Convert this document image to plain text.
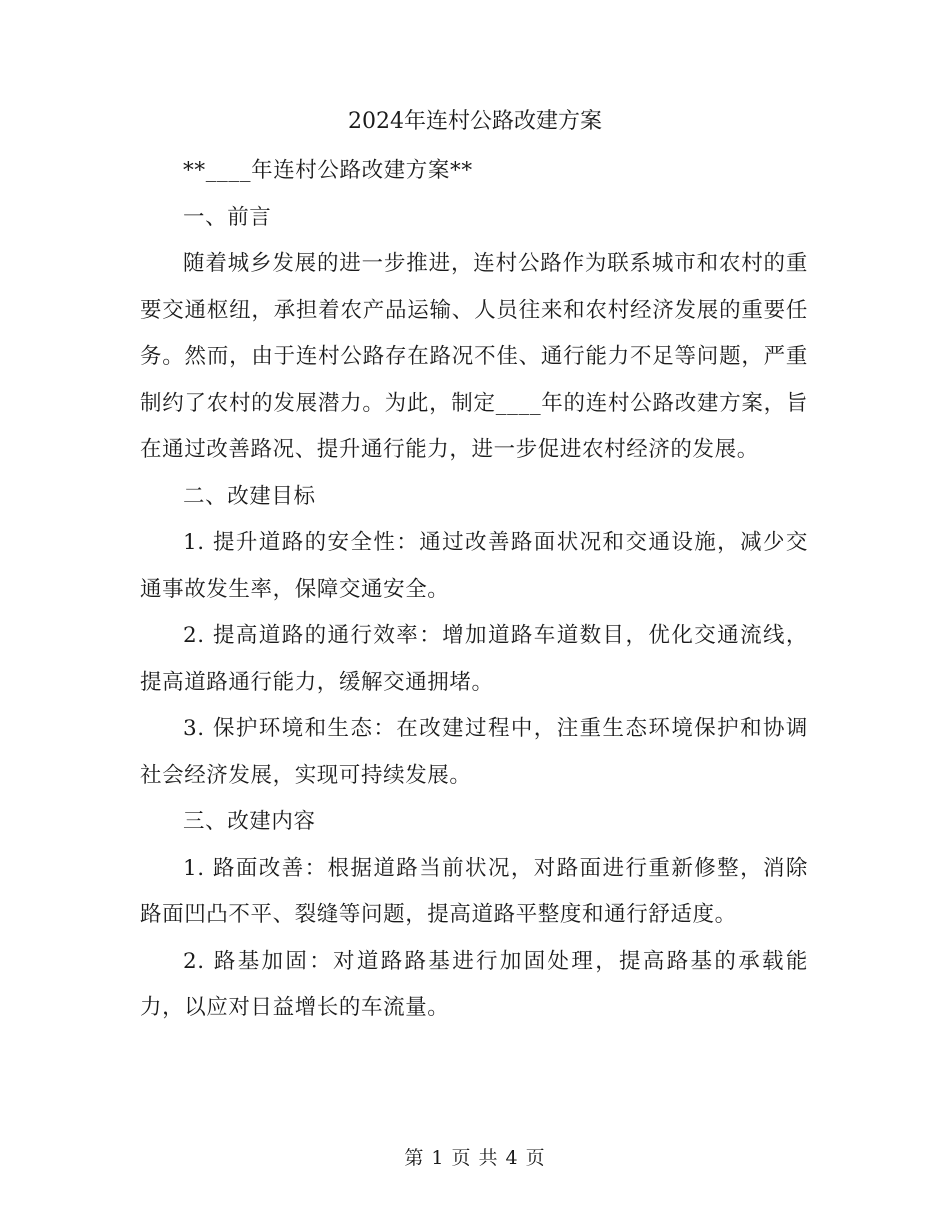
2024年连村公路改建方案

**____年连村公路改建方案**

一、前言

随着城乡发展的进一步推进，连村公路作为联系城市和农村的重要交通枢纽，承担着农产品运输、人员往来和农村经济发展的重要任务。然而，由于连村公路存在路况不佳、通行能力不足等问题，严重制约了农村的发展潜力。为此，制定____年的连村公路改建方案，旨在通过改善路况、提升通行能力，进一步促进农村经济的发展。

二、改建目标

1. 提升道路的安全性：通过改善路面状况和交通设施，减少交通事故发生率，保障交通安全。

2. 提高道路的通行效率：增加道路车道数目，优化交通流线，提高道路通行能力，缓解交通拥堵。

3. 保护环境和生态：在改建过程中，注重生态环境保护和协调社会经济发展，实现可持续发展。

三、改建内容

1. 路面改善：根据道路当前状况，对路面进行重新修整，消除路面凹凸不平、裂缝等问题，提高道路平整度和通行舒适度。

2. 路基加固：对道路路基进行加固处理，提高路基的承载能力，以应对日益增长的车流量。

第 1 页 共 4 页
